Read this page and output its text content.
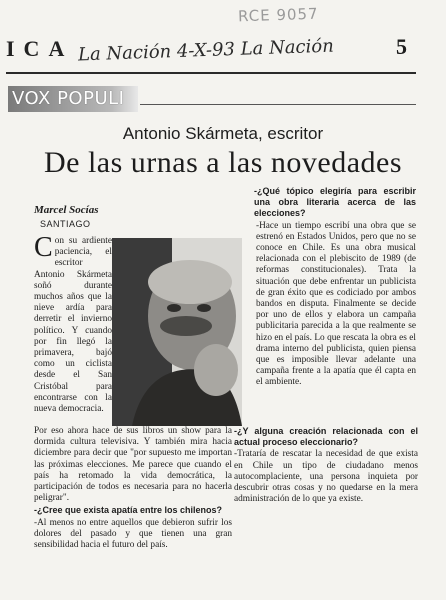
RCE 9057
ICA La Nación 4-X-93 La Nación	5
VOX POPULI
Antonio Skármeta, escritor
De las urnas a las novedades
Marcel Socías
SANTIAGO

Con su ardiente paciencia, el escritor Antonio Skármeta soñó durante muchos años que la nieve ardía para derretir el invierno político. Y cuando por fin llegó la primavera, bajó como un ciclista desde el San Cristóbal para encontrarse con la nueva democracia.

-¿Qué tópico elegiría para escribir una obra literaria acerca de las elecciones?

-Hace un tiempo escribí una obra que se estrenó en Estados Unidos, pero que no se conoce en Chile. Es una obra musical relacionada con el plebiscito de 1989 (de reformas constitucionales). Trata la situación que debe enfrentar un publicista de gran éxito que es codiciado por ambos bandos en disputa. Finalmente se decide por uno de ellos y elabora un campaña publicitaria parecida a la que realmente se hizo en el país. Lo que rescata la obra es el drama interno del publicista, quien piensa que es imposible llevar adelante una campaña frente a la apatía que él capta en el ambiente.

Por eso ahora hace de sus libros un show para la dormida cultura televisiva. Y también mira hacia diciembre para decir que "por supuesto me importan las próximas elecciones. Me parece que cuando el país ha retomado la vida democrática, la participación de todos es necesaria para no hacerla peligrar".

-¿Cree que exista apatía entre los chilenos?

-Al menos no entre aquellos que debieron sufrir los dolores del pasado y que tienen una gran sensibilidad hacia el futuro del país.

-¿Y alguna creación relacionada con el actual proceso eleccionario?

-Trataría de rescatar la necesidad de que exista en Chile un tipo de ciudadano menos autocomplaciente, una persona inquieta por descubrir otras cosas y no quedarse en la mera administración de lo que ya existe.
